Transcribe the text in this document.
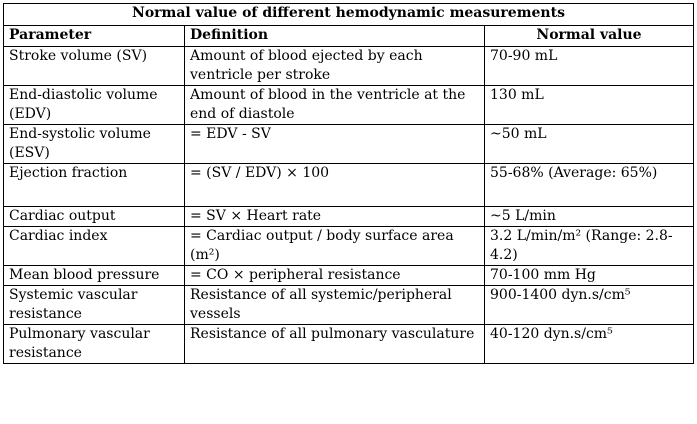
Normal value of different hemodynamic measurements		
Parameter	Definition	Normal value
Stroke volume (SV)	Amount of blood ejected by each ventricle per stroke	70-90 mL
End-diastolic volume (EDV)	Amount of blood in the ventricle at the end of diastole	130 mL
End-systolic volume (ESV)	= EDV - SV	~50 mL
Ejection fraction	= (SV / EDV) × 100	55-68% (Average: 65%)
Cardiac output	= SV × Heart rate	~5 L/min
Cardiac index	= Cardiac output / body surface area (m²)	3.2 L/min/m² (Range: 2.8-4.2)
Mean blood pressure	= CO × peripheral resistance	70-100 mm Hg
Systemic vascular resistance	Resistance of all systemic/peripheral vessels	900-1400 dyn.s/cm⁵
Pulmonary vascular resistance	Resistance of all pulmonary vasculature	40-120 dyn.s/cm⁵
